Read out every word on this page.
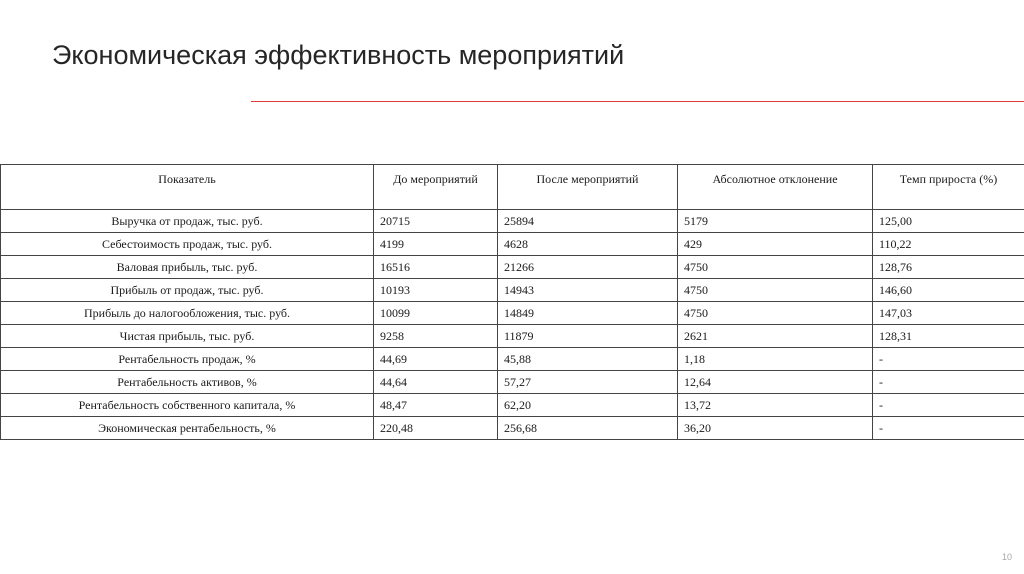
Экономическая эффективность мероприятий
Показатель	До мероприятий	После мероприятий	Абсолютное отклонение	Темп прироста (%)
Выручка от продаж, тыс. руб.	20715	25894	5179	125,00
Себестоимость продаж, тыс. руб.	4199	4628	429	110,22
Валовая прибыль, тыс. руб.	16516	21266	4750	128,76
Прибыль от продаж, тыс. руб.	10193	14943	4750	146,60
Прибыль до налогообложения, тыс. руб.	10099	14849	4750	147,03
Чистая прибыль, тыс. руб.	9258	11879	2621	128,31
Рентабельность продаж, %	44,69	45,88	1,18	-
Рентабельность активов, %	44,64	57,27	12,64	-
Рентабельность собственного капитала, %	48,47	62,20	13,72	-
Экономическая рентабельность, %	220,48	256,68	36,20	-
10
